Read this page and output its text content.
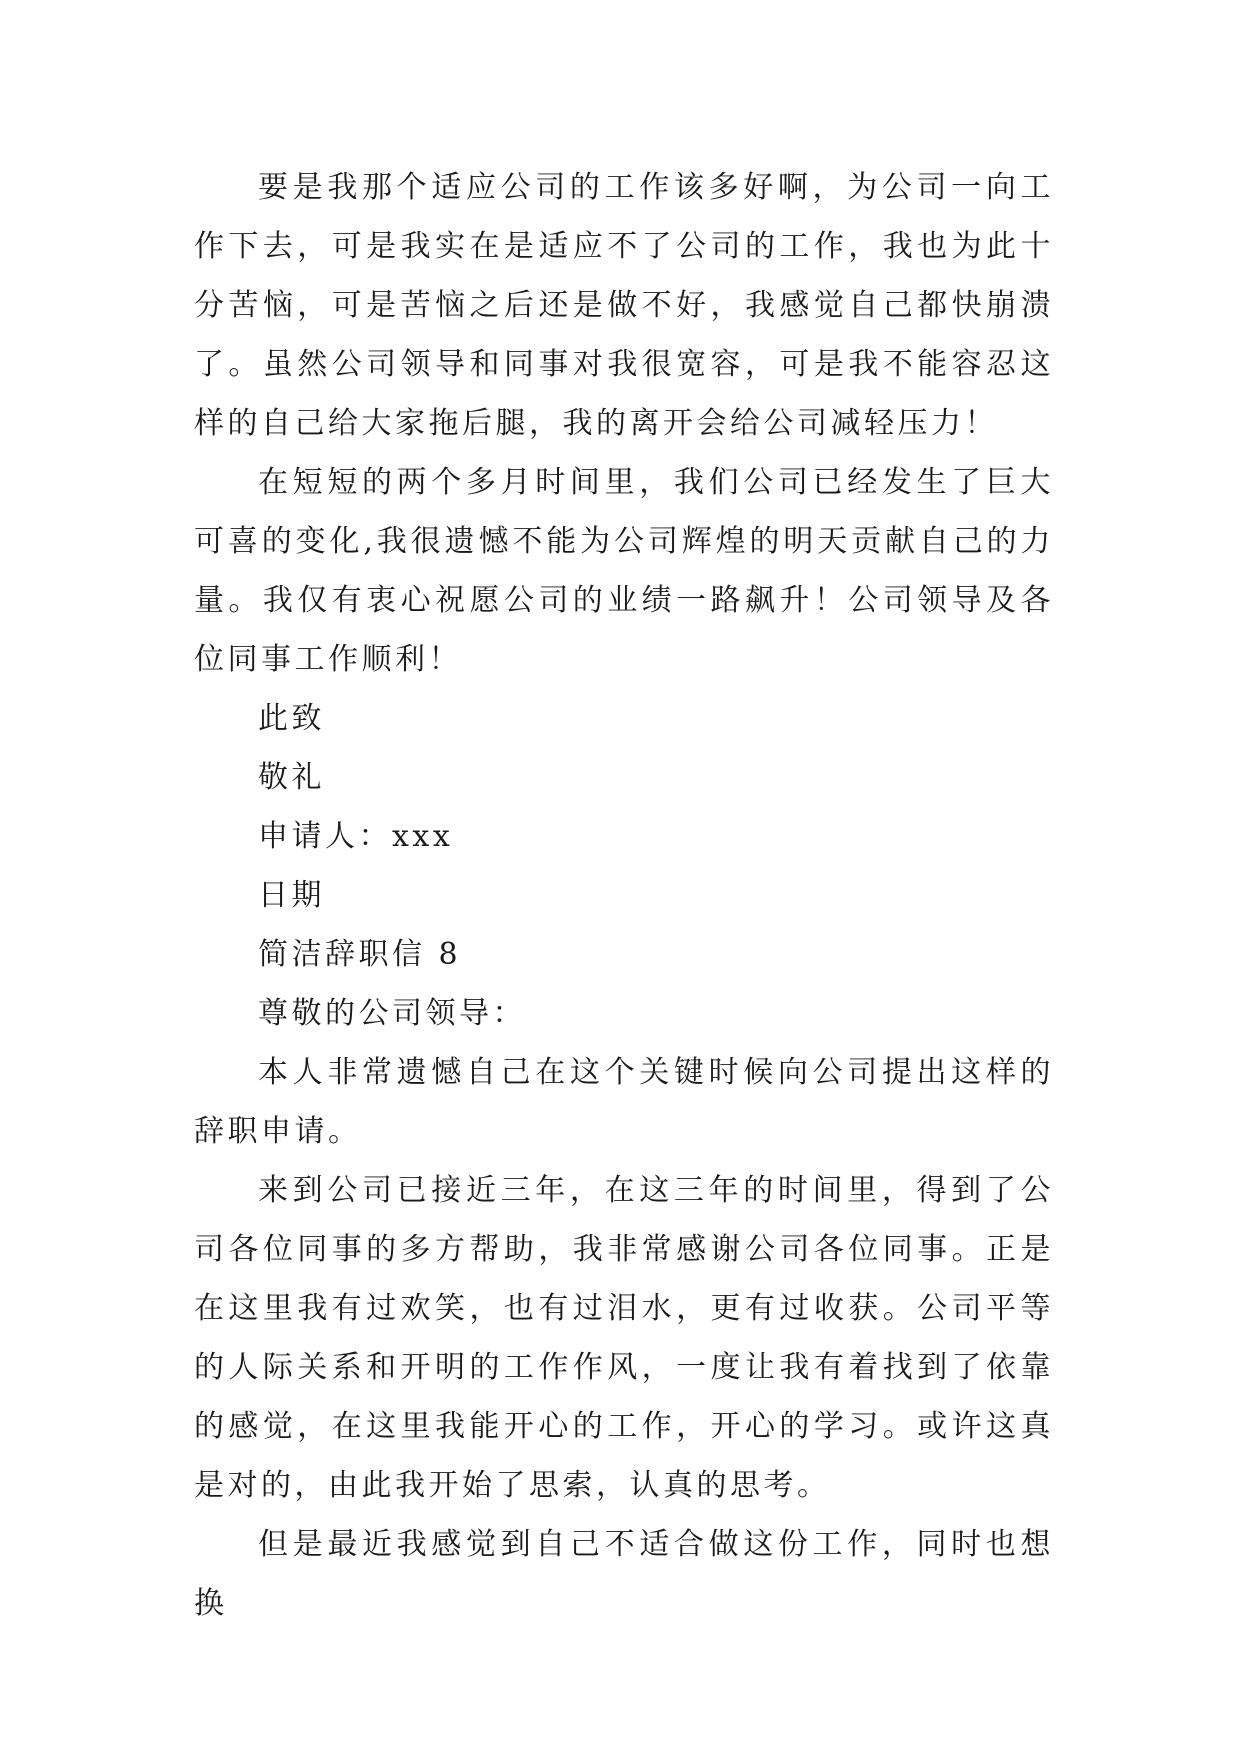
要是我那个适应公司的工作该多好啊，为公司一向工作下去，可是我实在是适应不了公司的工作，我也为此十分苦恼，可是苦恼之后还是做不好，我感觉自己都快崩溃了。虽然公司领导和同事对我很宽容，可是我不能容忍这样的自己给大家拖后腿，我的离开会给公司减轻压力！

在短短的两个多月时间里，我们公司已经发生了巨大可喜的变化,我很遗憾不能为公司辉煌的明天贡献自己的力量。我仅有衷心祝愿公司的业绩一路飙升！公司领导及各位同事工作顺利！

此致

敬礼

申请人：xxx

日期

简洁辞职信 8

尊敬的公司领导：

本人非常遗憾自己在这个关键时候向公司提出这样的辞职申请。

来到公司已接近三年，在这三年的时间里，得到了公司各位同事的多方帮助，我非常感谢公司各位同事。正是在这里我有过欢笑，也有过泪水，更有过收获。公司平等的人际关系和开明的工作作风，一度让我有着找到了依靠的感觉，在这里我能开心的工作，开心的学习。或许这真是对的，由此我开始了思索，认真的思考。

但是最近我感觉到自己不适合做这份工作，同时也想换
